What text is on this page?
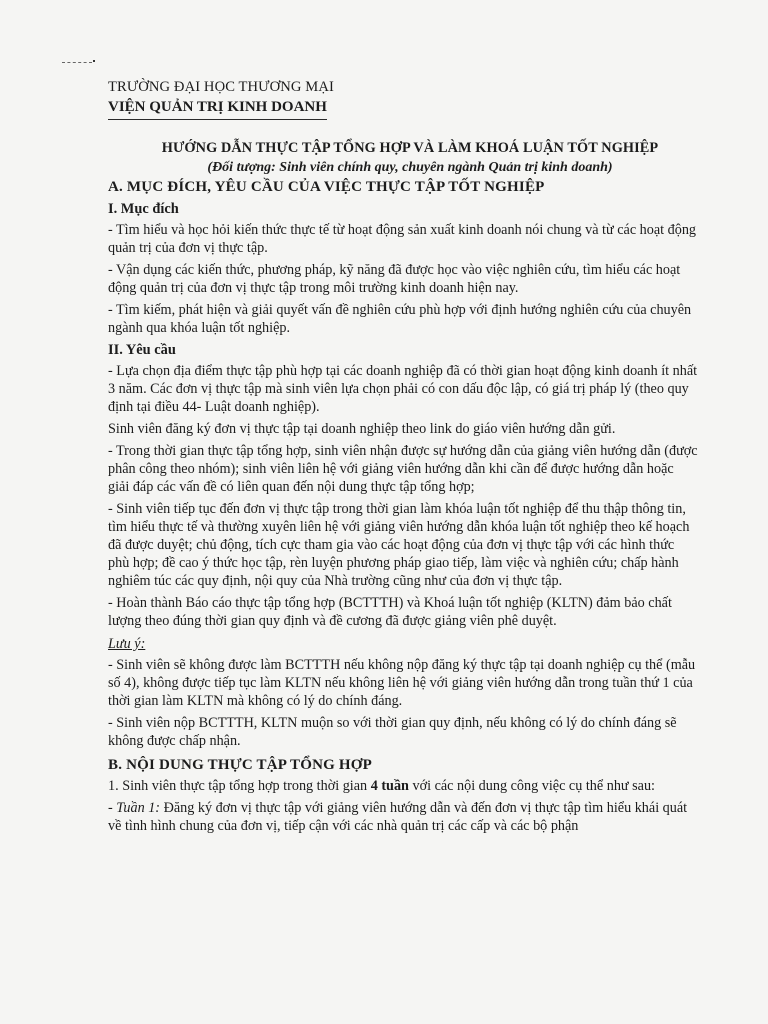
TRƯỜNG ĐẠI HỌC THƯƠNG MẠI
VIỆN QUẢN TRỊ KINH DOANH
HƯỚNG DẪN THỰC TẬP TỔNG HỢP VÀ LÀM KHOÁ LUẬN TỐT NGHIỆP
(Đối tượng: Sinh viên chính quy, chuyên ngành Quản trị kinh doanh)
A. MỤC ĐÍCH, YÊU CẦU CỦA VIỆC THỰC TẬP TỐT NGHIỆP
I. Mục đích

- Tìm hiểu và học hỏi kiến thức thực tế từ hoạt động sản xuất kinh doanh nói chung và từ các hoạt động quản trị của đơn vị thực tập.

- Vận dụng các kiến thức, phương pháp, kỹ năng đã được học vào việc nghiên cứu, tìm hiểu các hoạt động quản trị của đơn vị thực tập trong môi trường kinh doanh hiện nay.

- Tìm kiếm, phát hiện và giải quyết vấn đề nghiên cứu phù hợp với định hướng nghiên cứu của chuyên ngành qua khóa luận tốt nghiệp.

II. Yêu cầu

- Lựa chọn địa điểm thực tập phù hợp tại các doanh nghiệp đã có thời gian hoạt động kinh doanh ít nhất 3 năm. Các đơn vị thực tập mà sinh viên lựa chọn phải có con dấu độc lập, có giá trị pháp lý (theo quy định tại điều 44- Luật doanh nghiệp).

Sinh viên đăng ký đơn vị thực tập tại doanh nghiệp theo link do giáo viên hướng dẫn gửi.

- Trong thời gian thực tập tổng hợp, sinh viên nhận được sự hướng dẫn của giảng viên hướng dẫn (được phân công theo nhóm); sinh viên liên hệ với giảng viên hướng dẫn khi cần để được hướng dẫn hoặc giải đáp các vấn đề có liên quan đến nội dung thực tập tổng hợp;

- Sinh viên tiếp tục đến đơn vị thực tập trong thời gian làm khóa luận tốt nghiệp để thu thập thông tin, tìm hiểu thực tế và thường xuyên liên hệ với giảng viên hướng dẫn khóa luận tốt nghiệp theo kế hoạch đã được duyệt; chủ động, tích cực tham gia vào các hoạt động của đơn vị thực tập với các hình thức phù hợp; đề cao ý thức học tập, rèn luyện phương pháp giao tiếp, làm việc và nghiên cứu; chấp hành nghiêm túc các quy định, nội quy của Nhà trường cũng như của đơn vị thực tập.

- Hoàn thành Báo cáo thực tập tổng hợp (BCTTTH) và Khoá luận tốt nghiệp (KLTN) đảm bảo chất lượng theo đúng thời gian quy định và đề cương đã được giảng viên phê duyệt.

Lưu ý:

- Sinh viên sẽ không được làm BCTTTH nếu không nộp đăng ký thực tập tại doanh nghiệp cụ thể (mẫu số 4), không được tiếp tục làm KLTN nếu không liên hệ với giảng viên hướng dẫn trong tuần thứ 1 của thời gian làm KLTN mà không có lý do chính đáng.

- Sinh viên nộp BCTTTH, KLTN muộn so với thời gian quy định, nếu không có lý do chính đáng sẽ không được chấp nhận.

B. NỘI DUNG THỰC TẬP TỔNG HỢP

1. Sinh viên thực tập tổng hợp trong thời gian 4 tuần với các nội dung công việc cụ thể như sau:

- Tuần 1: Đăng ký đơn vị thực tập với giảng viên hướng dẫn và đến đơn vị thực tập tìm hiểu khái quát về tình hình chung của đơn vị, tiếp cận với các nhà quản trị các cấp và các bộ phận
